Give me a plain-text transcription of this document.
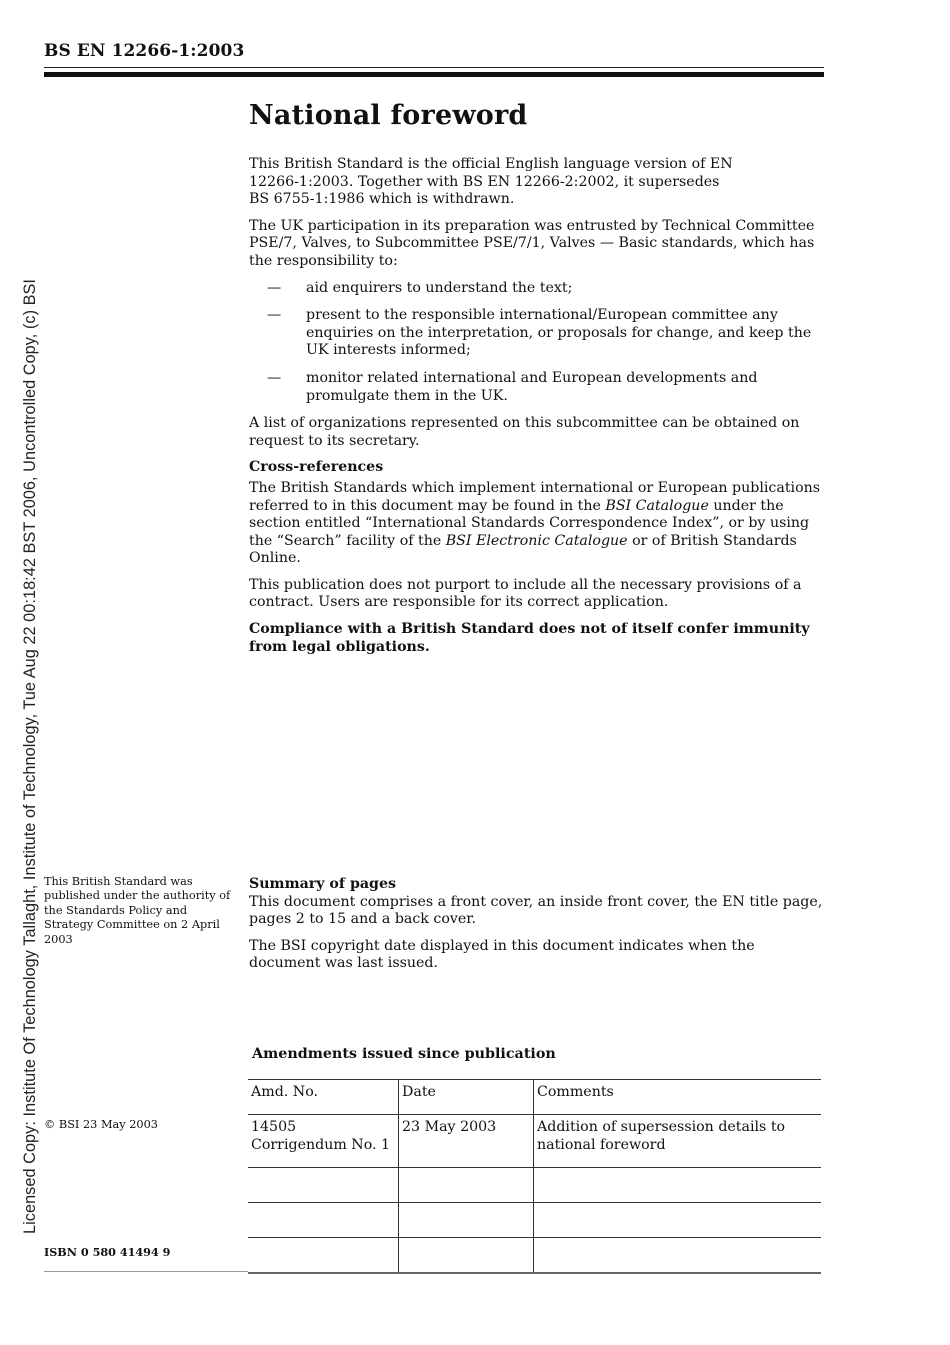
BS EN 12266-1:2003
Licensed Copy: Institute Of Technology Tallaght, Institute of Technology, Tue Aug 22 00:18:42 BST 2006, Uncontrolled Copy, (c) BSI
National foreword

This British Standard is the official English language version of EN 12266-1:2003. Together with BS EN 12266-2:2002, it supersedes BS 6755-1:1986 which is withdrawn.

The UK participation in its preparation was entrusted by Technical Committee PSE/7, Valves, to Subcommittee PSE/7/1, Valves — Basic standards, which has the responsibility to:

— aid enquirers to understand the text;
— present to the responsible international/European committee any enquiries on the interpretation, or proposals for change, and keep the UK interests informed;
— monitor related international and European developments and promulgate them in the UK.

A list of organizations represented on this subcommittee can be obtained on request to its secretary.

Cross-references

The British Standards which implement international or European publications referred to in this document may be found in the BSI Catalogue under the section entitled “International Standards Correspondence Index”, or by using the “Search” facility of the BSI Electronic Catalogue or of British Standards Online.

This publication does not purport to include all the necessary provisions of a contract. Users are responsible for its correct application.

Compliance with a British Standard does not of itself confer immunity from legal obligations.

This British Standard was published under the authority of the Standards Policy and Strategy Committee on 2 April 2003
© BSI 23 May 2003
ISBN 0 580 41494 9
Summary of pages

This document comprises a front cover, an inside front cover, the EN title page, pages 2 to 15 and a back cover.

The BSI copyright date displayed in this document indicates when the document was last issued.

Amendments issued since publication
Amd. No.	Date	Comments

14505
Corrigendum No. 1	23 May 2003	Addition of supersession details to national foreword
